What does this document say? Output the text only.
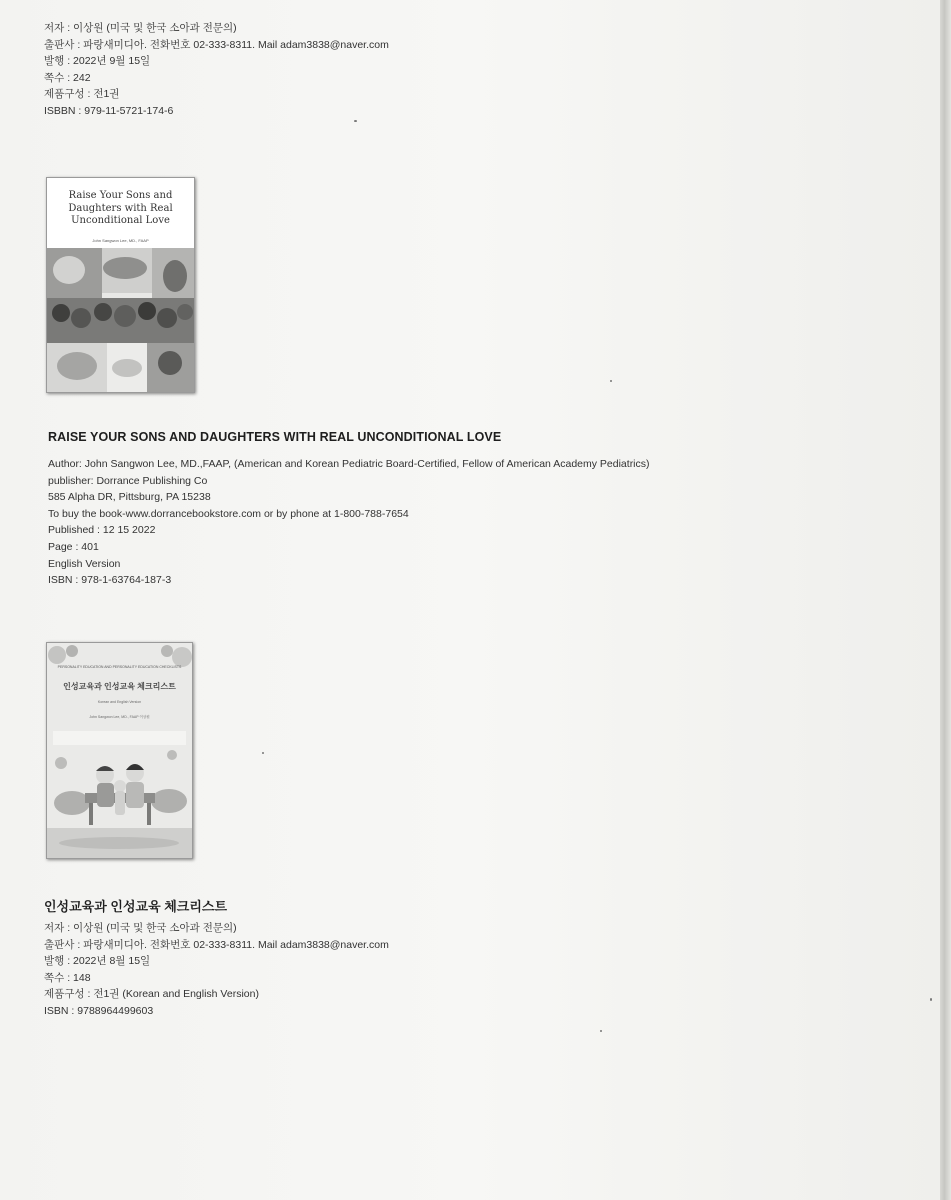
저자 : 이상원 (미국 및 한국 소아과 전문의)
출판사 : 파랑새미디아. 전화번호 02-333-8311. Mail adam3838@naver.com
발행 : 2022년 9월 15일
쪽수 : 242
제품구성 : 전1권
ISBBN : 979-11-5721-174-6
Raise Your Sons and Daughters with Real Unconditional Love
John Sangwon Lee, MD., FAAP
RAISE YOUR SONS AND DAUGHTERS WITH REAL UNCONDITIONAL LOVE
Author: John Sangwon Lee, MD.,FAAP, (American and Korean Pediatric Board-Certified, Fellow of American Academy Pediatrics)
publisher: Dorrance Publishing Co
585 Alpha DR, Pittsburg, PA 15238
To buy the book-www.dorrancebookstore.com or by phone at 1-800-788-7654
Published : 12 15 2022
Page : 401
English Version
ISBN : 978-1-63764-187-3
PERSONALITY EDUCATION AND PERSONALITY EDUCATION CHECKLISTS
인성교육과 인성교육 체크리스트
Korean and English Version
John Sangwon Lee, MD., FAAP 이상원
인성교육과 인성교육 체크리스트
저자 : 이상원 (미국 및 한국 소아과 전문의)
출판사 : 파랑새미디아. 전화번호 02-333-8311. Mail adam3838@naver.com
발행 : 2022년 8월 15일
쪽수 : 148
제품구성 : 전1권 (Korean and English Version)
ISBN : 9788964499603
